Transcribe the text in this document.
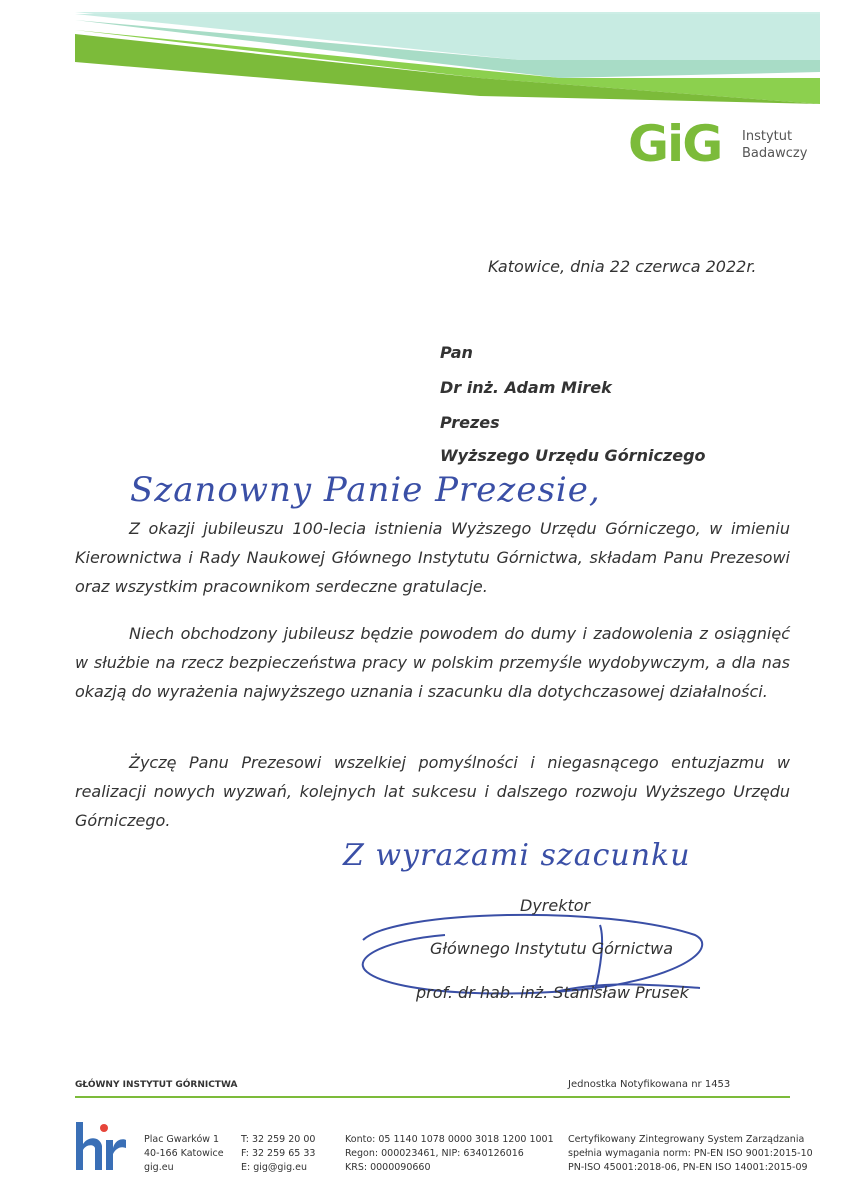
GiG Instytut
Badawczy
Katowice, dnia 22 czerwca 2022r.
Pan
Dr inż. Adam Mirek
Prezes
Wyższego Urzędu Górniczego
Szanowny Panie Prezesie,

Z okazji jubileuszu 100-lecia istnienia Wyższego Urzędu Górniczego, w imieniu Kierownictwa i Rady Naukowej Głównego Instytutu Górnictwa, składam Panu Prezesowi oraz wszystkim pracownikom serdeczne gratulacje.

Niech obchodzony jubileusz będzie powodem do dumy i zadowolenia z osiągnięć w służbie na rzecz bezpieczeństwa pracy w polskim przemyśle wydobywczym, a dla nas okazją do wyrażenia najwyższego uznania i szacunku dla dotychczasowej działalności.

Życzę Panu Prezesowi wszelkiej pomyślności i niegasnącego entuzjazmu w realizacji nowych wyzwań, kolejnych lat sukcesu i dalszego rozwoju Wyższego Urzędu Górniczego.

Z wyrazami szacunku
Dyrektor
Głównego Instytutu Górnictwa
prof. dr hab. inż. Stanisław Prusek
GŁÓWNY INSTYTUT GÓRNICTWA	Jednostka Notyfikowana nr 1453
Plac Gwarków 1
40-166 Katowice
gig.eu
T: 32 259 20 00
F: 32 259 65 33
E: gig@gig.eu
Konto: 05 1140 1078 0000 3018 1200 1001
Regon: 000023461, NIP: 6340126016
KRS: 0000090660
Certyfikowany Zintegrowany System Zarządzania
spełnia wymagania norm: PN-EN ISO 9001:2015-10
PN-ISO 45001:2018-06, PN-EN ISO 14001:2015-09
